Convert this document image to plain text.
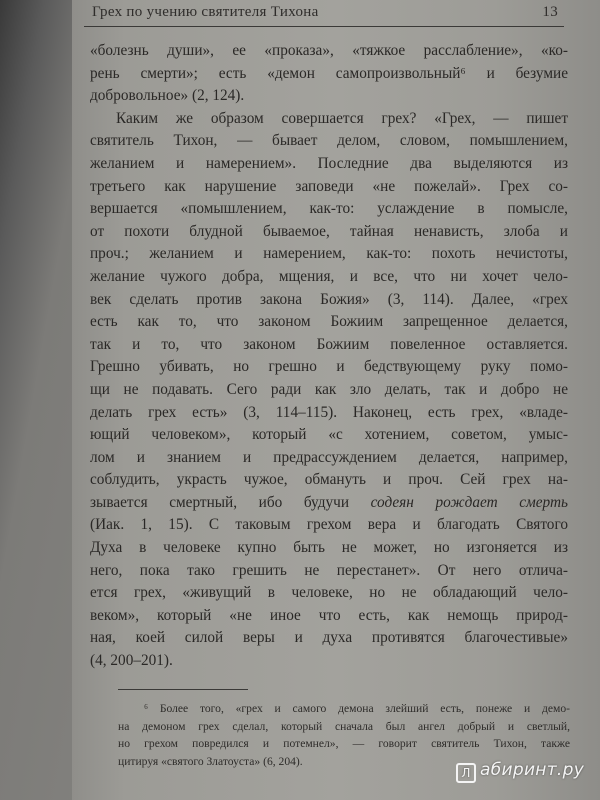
Грех по учению святителя Тихона	13
«болезнь души», ее «проказа», «тяжкое расслабление», «ко-
рень смерти»; есть «демон самопроизвольный⁶ и безумие
добровольное» (2, 124).
Каким же образом совершается грех? «Грех, — пишет
святитель Тихон, — бывает делом, словом, помышлением,
желанием и намерением». Последние два выделяются из
третьего как нарушение заповеди «не пожелай». Грех со-
вершается «помышлением, как-то: услаждение в помысле,
от похоти блудной бываемое, тайная ненависть, злоба и
проч.; желанием и намерением, как-то: похоть нечистоты,
желание чужого добра, мщения, и все, что ни хочет чело-
век сделать против закона Божия» (3, 114). Далее, «грех
есть как то, что законом Божиим запрещенное делается,
так и то, что законом Божиим повеленное оставляется.
Грешно убивать, но грешно и бедствующему руку помо-
щи не подавать. Сего ради как зло делать, так и добро не
делать грех есть» (3, 114–115). Наконец, есть грех, «владе-
ющий человеком», который «с хотением, советом, умыс-
лом и знанием и предрассуждением делается, например,
соблудить, украсть чужое, обмануть и проч. Сей грех на-
зывается смертный, ибо будучи содеян рождает смерть
(Иак. 1, 15). С таковым грехом вера и благодать Святого
Духа в человеке купно быть не может, но изгоняется из
него, пока тако грешить не перестанет». От него отлича-
ется грех, «живущий в человеке, но не обладающий чело-
веком», который «не иное что есть, как немощь природ-
ная, коей силой веры и духа противятся благочестивые»
(4, 200–201).
⁶ Более того, «грех и самого демона злейший есть, понеже и демо-
на демоном грех сделал, который сначала был ангел добрый и светлый,
но грехом повредился и потемнел», — говорит святитель Тихон, также
цитируя «святого Златоуста» (6, 204).
Л абиринт.ру
